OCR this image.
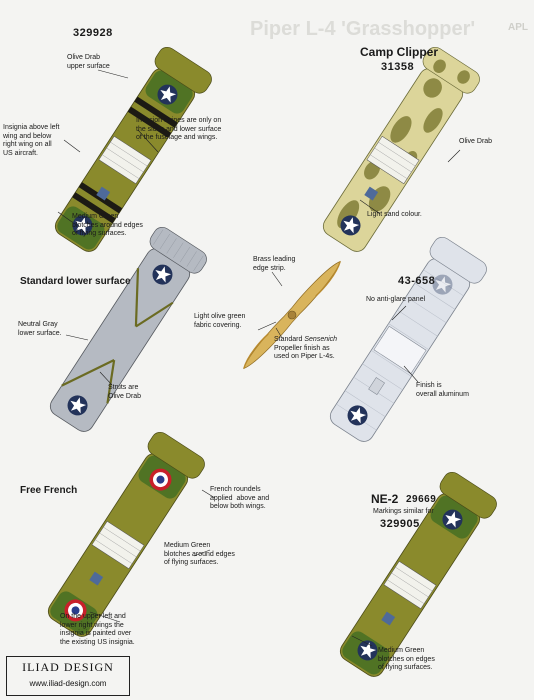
Piper L-4 'Grasshopper'	APL
329928
Olive Drab
upper surface
Insignia above left
wing and below
right wing on all
US aircraft.
Invasion stripes are only on
the sides and lower surface
of the fuselage and wings.
Medium Green
blotches around edges
of flying surfaces.
Camp Clipper
31358
Olive Drab
Light sand colour.
Standard lower surface
Neutral Gray
lower surface.
Struts are
Olive Drab
Brass leading
edge strip.
Light olive green
fabric covering.
Standard Sensenich
Propeller finish as
used on Piper L-4s.
43-658
No anti-glare panel
Finish is
overall aluminum
Free French	French roundels
applied  above and
below both wings.
Medium Green
blotches around edges
of flying surfaces.
On the upper left and
lower right wings the
insignia is painted over
the existing US insignia.
NE-2 29669
Markings similar for
329905
Medium Green
blotches on edges
of flying surfaces.
ILIAD DESIGN
www.iliad-design.com
